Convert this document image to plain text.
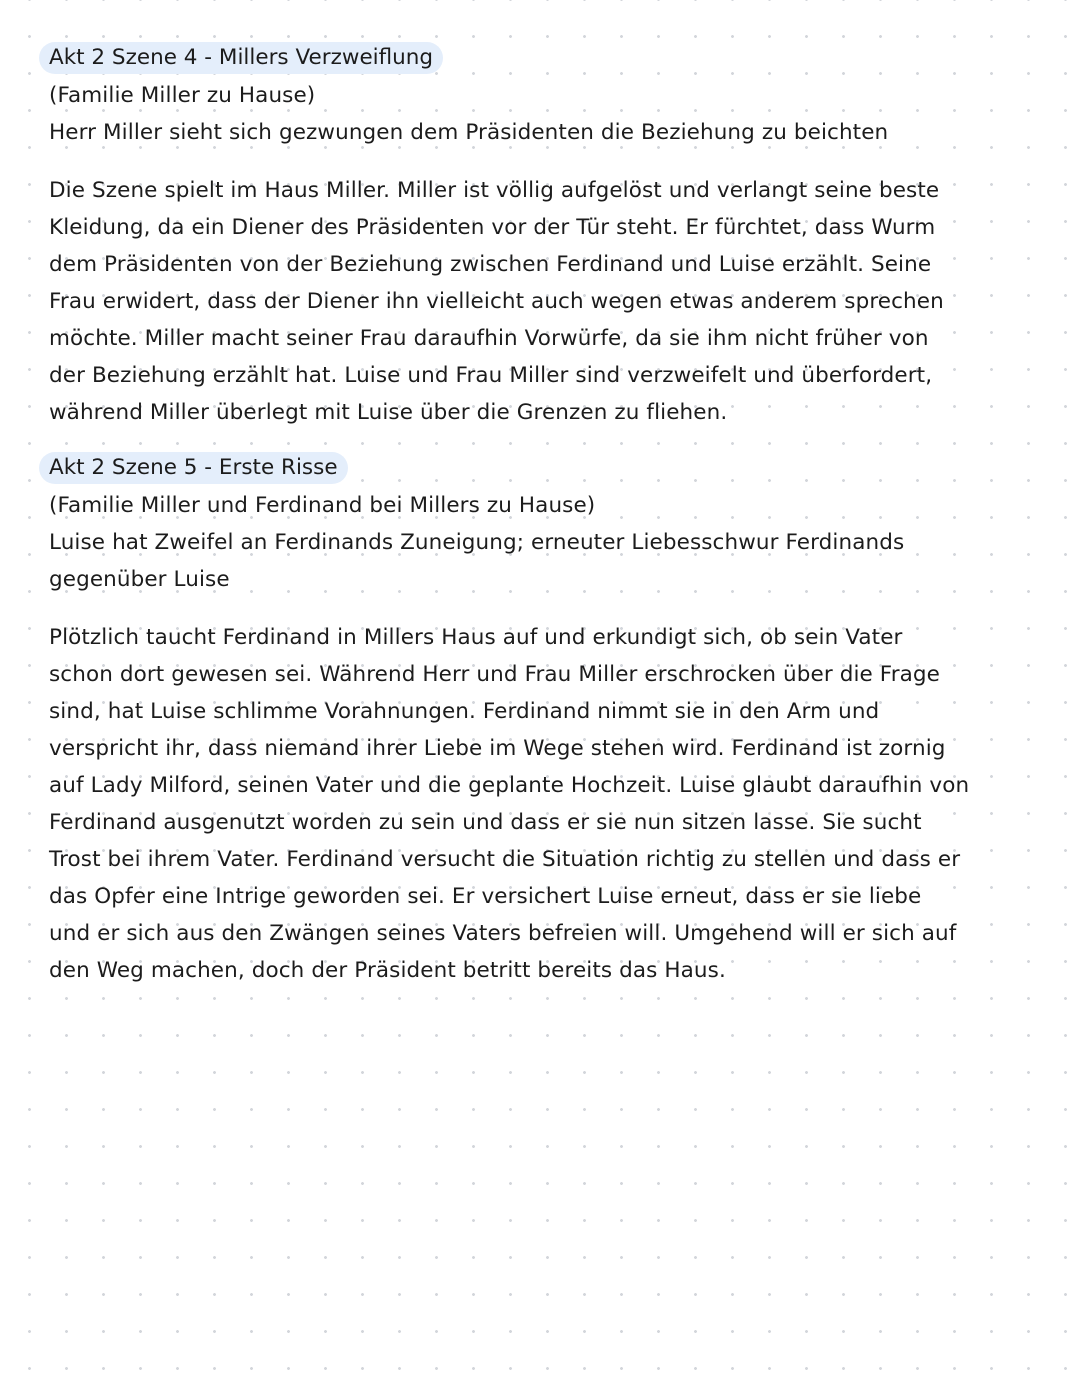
Akt 2 Szene 4 - Millers Verzweiflung
(Familie Miller zu Hause)
Herr Miller sieht sich gezwungen dem Präsidenten die Beziehung zu beichten
Die Szene spielt im Haus Miller. Miller ist völlig aufgelöst und verlangt seine beste
Kleidung, da ein Diener des Präsidenten vor der Tür steht. Er fürchtet, dass Wurm
dem Präsidenten von der Beziehung zwischen Ferdinand und Luise erzählt. Seine
Frau erwidert, dass der Diener ihn vielleicht auch wegen etwas anderem sprechen
möchte. Miller macht seiner Frau daraufhin Vorwürfe, da sie ihm nicht früher von
der Beziehung erzählt hat. Luise und Frau Miller sind verzweifelt und überfordert,
während Miller überlegt mit Luise über die Grenzen zu fliehen.
Akt 2 Szene 5 - Erste Risse
(Familie Miller und Ferdinand bei Millers zu Hause)
Luise hat Zweifel an Ferdinands Zuneigung; erneuter Liebesschwur Ferdinands
gegenüber Luise
Plötzlich taucht Ferdinand in Millers Haus auf und erkundigt sich, ob sein Vater
schon dort gewesen sei. Während Herr und Frau Miller erschrocken über die Frage
sind, hat Luise schlimme Vorahnungen. Ferdinand nimmt sie in den Arm und
verspricht ihr, dass niemand ihrer Liebe im Wege stehen wird. Ferdinand ist zornig
auf Lady Milford, seinen Vater und die geplante Hochzeit. Luise glaubt daraufhin von
Ferdinand ausgenutzt worden zu sein und dass er sie nun sitzen lasse. Sie sucht
Trost bei ihrem Vater. Ferdinand versucht die Situation richtig zu stellen und dass er
das Opfer eine Intrige geworden sei. Er versichert Luise erneut, dass er sie liebe
und er sich aus den Zwängen seines Vaters befreien will. Umgehend will er sich auf
den Weg machen, doch der Präsident betritt bereits das Haus.
